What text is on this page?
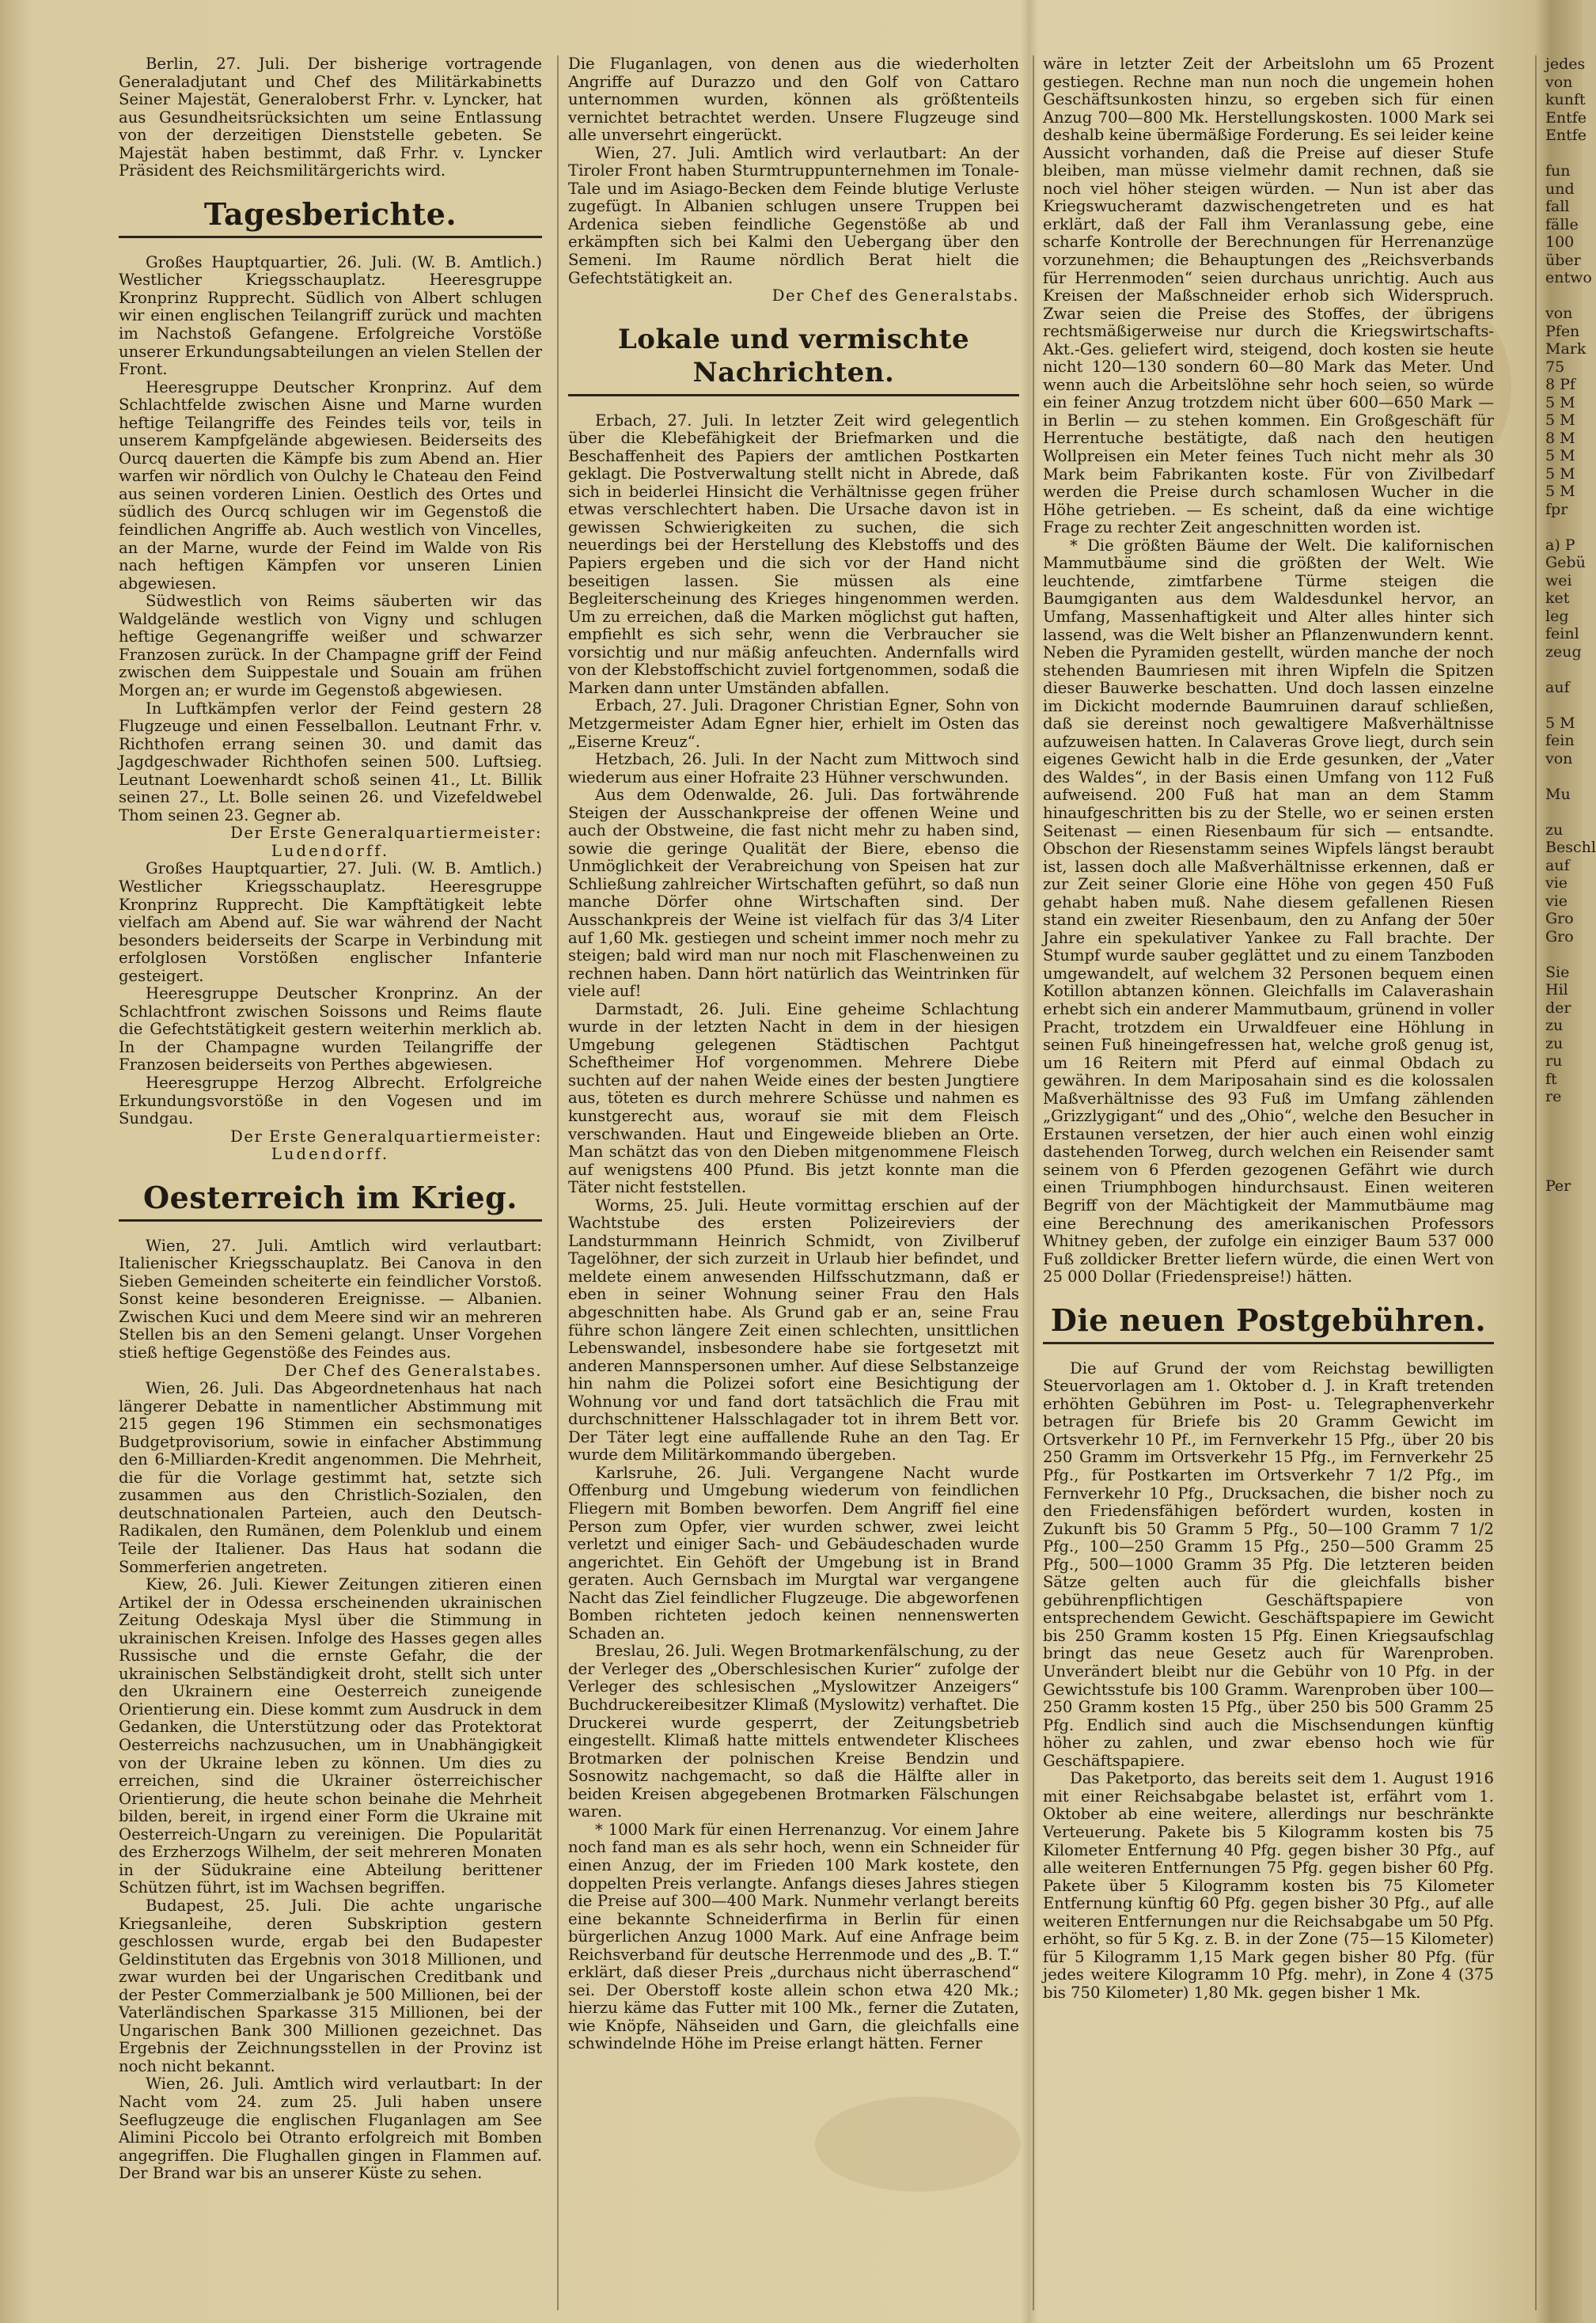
Berlin, 27. Juli. Der bisherige vortragende Generaladjutant und Chef des Militärkabinetts Seiner Majestät, Generaloberst Frhr. v. Lyncker, hat aus Gesundheitsrücksichten um seine Entlassung von der derzeitigen Dienststelle gebeten. Se Majestät haben bestimmt, daß Frhr. v. Lyncker Präsident des Reichsmilitärgerichts wird.

Tagesberichte.

Großes Hauptquartier, 26. Juli. (W. B. Amtlich.) Westlicher Kriegsschauplatz. Heeresgruppe Kronprinz Rupprecht. Südlich von Albert schlugen wir einen englischen Teilangriff zurück und machten im Nachstoß Gefangene. Erfolgreiche Vorstöße unserer Erkundungsabteilungen an vielen Stellen der Front.

Heeresgruppe Deutscher Kronprinz. Auf dem Schlachtfelde zwischen Aisne und Marne wurden heftige Teilangriffe des Feindes teils vor, teils in unserem Kampfgelände abgewiesen. Beiderseits des Ourcq dauerten die Kämpfe bis zum Abend an. Hier warfen wir nördlich von Oulchy le Chateau den Feind aus seinen vorderen Linien. Oestlich des Ortes und südlich des Ourcq schlugen wir im Gegenstoß die feindlichen Angriffe ab. Auch westlich von Vincelles, an der Marne, wurde der Feind im Walde von Ris nach heftigen Kämpfen vor unseren Linien abgewiesen.

Südwestlich von Reims säuberten wir das Waldgelände westlich von Vigny und schlugen heftige Gegenangriffe weißer und schwarzer Franzosen zurück. In der Champagne griff der Feind zwischen dem Suippestale und Souain am frühen Morgen an; er wurde im Gegenstoß abgewiesen.

In Luftkämpfen verlor der Feind gestern 28 Flugzeuge und einen Fesselballon. Leutnant Frhr. v. Richthofen errang seinen 30. und damit das Jagdgeschwader Richthofen seinen 500. Luftsieg. Leutnant Loewenhardt schoß seinen 41., Lt. Billik seinen 27., Lt. Bolle seinen 26. und Vizefeldwebel Thom seinen 23. Gegner ab.

Der Erste Generalquartiermeister:

Ludendorff.

Großes Hauptquartier, 27. Juli. (W. B. Amtlich.) Westlicher Kriegsschauplatz. Heeresgruppe Kronprinz Rupprecht. Die Kampftätigkeit lebte vielfach am Abend auf. Sie war während der Nacht besonders beiderseits der Scarpe in Verbindung mit erfolglosen Vorstößen englischer Infanterie gesteigert.

Heeresgruppe Deutscher Kronprinz. An der Schlachtfront zwischen Soissons und Reims flaute die Gefechtstätigkeit gestern weiterhin merklich ab. In der Champagne wurden Teilangriffe der Franzosen beiderseits von Perthes abgewiesen.

Heeresgruppe Herzog Albrecht. Erfolgreiche Erkundungsvorstöße in den Vogesen und im Sundgau.

Der Erste Generalquartiermeister:

Ludendorff.

Oesterreich im Krieg.

Wien, 27. Juli. Amtlich wird verlautbart: Italienischer Kriegsschauplatz. Bei Canova in den Sieben Gemeinden scheiterte ein feindlicher Vorstoß. Sonst keine besonderen Ereignisse. — Albanien. Zwischen Kuci und dem Meere sind wir an mehreren Stellen bis an den Semeni gelangt. Unser Vorgehen stieß heftige Gegenstöße des Feindes aus.

Der Chef des Generalstabes.

Wien, 26. Juli. Das Abgeordnetenhaus hat nach längerer Debatte in namentlicher Abstimmung mit 215 gegen 196 Stimmen ein sechsmonatiges Budgetprovisorium, sowie in einfacher Abstimmung den 6-Milliarden-Kredit angenommen. Die Mehrheit, die für die Vorlage gestimmt hat, setzte sich zusammen aus den Christlich-Sozialen, den deutschnationalen Parteien, auch den Deutsch-Radikalen, den Rumänen, dem Polenklub und einem Teile der Italiener. Das Haus hat sodann die Sommerferien angetreten.

Kiew, 26. Juli. Kiewer Zeitungen zitieren einen Artikel der in Odessa erscheinenden ukrainischen Zeitung Odeskaja Mysl über die Stimmung in ukrainischen Kreisen. Infolge des Hasses gegen alles Russische und die ernste Gefahr, die der ukrainischen Selbständigkeit droht, stellt sich unter den Ukrainern eine Oesterreich zuneigende Orientierung ein. Diese kommt zum Ausdruck in dem Gedanken, die Unterstützung oder das Protektorat Oesterreichs nachzusuchen, um in Unabhängigkeit von der Ukraine leben zu können. Um dies zu erreichen, sind die Ukrainer österreichischer Orientierung, die heute schon beinahe die Mehrheit bilden, bereit, in irgend einer Form die Ukraine mit Oesterreich-Ungarn zu vereinigen. Die Popularität des Erzherzogs Wilhelm, der seit mehreren Monaten in der Südukraine eine Abteilung berittener Schützen führt, ist im Wachsen begriffen.

Budapest, 25. Juli. Die achte ungarische Kriegsanleihe, deren Subskription gestern geschlossen wurde, ergab bei den Budapester Geldinstituten das Ergebnis von 3018 Millionen, und zwar wurden bei der Ungarischen Creditbank und der Pester Commerzialbank je 500 Millionen, bei der Vaterländischen Sparkasse 315 Millionen, bei der Ungarischen Bank 300 Millionen gezeichnet. Das Ergebnis der Zeichnungsstellen in der Provinz ist noch nicht bekannt.

Wien, 26. Juli. Amtlich wird verlautbart: In der Nacht vom 24. zum 25. Juli haben unsere Seeflugzeuge die englischen Fluganlagen am See Alimini Piccolo bei Otranto erfolgreich mit Bomben angegriffen. Die Flughallen gingen in Flammen auf. Der Brand war bis an unserer Küste zu sehen.

Die Fluganlagen, von denen aus die wiederholten Angriffe auf Durazzo und den Golf von Cattaro unternommen wurden, können als größtenteils vernichtet betrachtet werden. Unsere Flugzeuge sind alle unversehrt eingerückt.

Wien, 27. Juli. Amtlich wird verlautbart: An der Tiroler Front haben Sturmtruppunternehmen im Tonale-Tale und im Asiago-Becken dem Feinde blutige Verluste zugefügt. In Albanien schlugen unsere Truppen bei Ardenica sieben feindliche Gegenstöße ab und erkämpften sich bei Kalmi den Uebergang über den Semeni. Im Raume nördlich Berat hielt die Gefechtstätigkeit an.

Der Chef des Generalstabs.

Lokale und vermischte Nachrichten.

Erbach, 27. Juli. In letzter Zeit wird gelegentlich über die Klebefähigkeit der Briefmarken und die Beschaffenheit des Papiers der amtlichen Postkarten geklagt. Die Postverwaltung stellt nicht in Abrede, daß sich in beiderlei Hinsicht die Verhältnisse gegen früher etwas verschlechtert haben. Die Ursache davon ist in gewissen Schwierigkeiten zu suchen, die sich neuerdings bei der Herstellung des Klebstoffs und des Papiers ergeben und die sich vor der Hand nicht beseitigen lassen. Sie müssen als eine Begleiterscheinung des Krieges hingenommen werden. Um zu erreichen, daß die Marken möglichst gut haften, empfiehlt es sich sehr, wenn die Verbraucher sie vorsichtig und nur mäßig anfeuchten. Andernfalls wird von der Klebstoffschicht zuviel fortgenommen, sodaß die Marken dann unter Umständen abfallen.

Erbach, 27. Juli. Dragoner Christian Egner, Sohn von Metzgermeister Adam Egner hier, erhielt im Osten das „Eiserne Kreuz“.

Hetzbach, 26. Juli. In der Nacht zum Mittwoch sind wiederum aus einer Hofraite 23 Hühner verschwunden.

Aus dem Odenwalde, 26. Juli. Das fortwährende Steigen der Ausschankpreise der offenen Weine und auch der Obstweine, die fast nicht mehr zu haben sind, sowie die geringe Qualität der Biere, ebenso die Unmöglichkeit der Verabreichung von Speisen hat zur Schließung zahlreicher Wirtschaften geführt, so daß nun manche Dörfer ohne Wirtschaften sind. Der Ausschankpreis der Weine ist vielfach für das 3/4 Liter auf 1,60 Mk. gestiegen und scheint immer noch mehr zu steigen; bald wird man nur noch mit Flaschenweinen zu rechnen haben. Dann hört natürlich das Weintrinken für viele auf!

Darmstadt, 26. Juli. Eine geheime Schlachtung wurde in der letzten Nacht in dem in der hiesigen Umgebung gelegenen Städtischen Pachtgut Scheftheimer Hof vorgenommen. Mehrere Diebe suchten auf der nahen Weide eines der besten Jungtiere aus, töteten es durch mehrere Schüsse und nahmen es kunstgerecht aus, worauf sie mit dem Fleisch verschwanden. Haut und Eingeweide blieben an Orte. Man schätzt das von den Dieben mitgenommene Fleisch auf wenigstens 400 Pfund. Bis jetzt konnte man die Täter nicht feststellen.

Worms, 25. Juli. Heute vormittag erschien auf der Wachtstube des ersten Polizeireviers der Landsturmmann Heinrich Schmidt, von Zivilberuf Tagelöhner, der sich zurzeit in Urlaub hier befindet, und meldete einem anwesenden Hilfsschutzmann, daß er eben in seiner Wohnung seiner Frau den Hals abgeschnitten habe. Als Grund gab er an, seine Frau führe schon längere Zeit einen schlechten, unsittlichen Lebenswandel, insbesondere habe sie fortgesetzt mit anderen Mannspersonen umher. Auf diese Selbstanzeige hin nahm die Polizei sofort eine Besichtigung der Wohnung vor und fand dort tatsächlich die Frau mit durchschnittener Halsschlagader tot in ihrem Bett vor. Der Täter legt eine auffallende Ruhe an den Tag. Er wurde dem Militärkommando übergeben.

Karlsruhe, 26. Juli. Vergangene Nacht wurde Offenburg und Umgebung wiederum von feindlichen Fliegern mit Bomben beworfen. Dem Angriff fiel eine Person zum Opfer, vier wurden schwer, zwei leicht verletzt und einiger Sach- und Gebäudeschaden wurde angerichtet. Ein Gehöft der Umgebung ist in Brand geraten. Auch Gernsbach im Murgtal war vergangene Nacht das Ziel feindlicher Flugzeuge. Die abgeworfenen Bomben richteten jedoch keinen nennenswerten Schaden an.

Breslau, 26. Juli. Wegen Brotmarkenfälschung, zu der der Verleger des „Oberschlesischen Kurier“ zufolge der Verleger des schlesischen „Myslowitzer Anzeigers“ Buchdruckereibesitzer Klimaß (Myslowitz) verhaftet. Die Druckerei wurde gesperrt, der Zeitungsbetrieb eingestellt. Klimaß hatte mittels entwendeter Klischees Brotmarken der polnischen Kreise Bendzin und Sosnowitz nachgemacht, so daß die Hälfte aller in beiden Kreisen abgegebenen Brotmarken Fälschungen waren.

* 1000 Mark für einen Herrenanzug. Vor einem Jahre noch fand man es als sehr hoch, wenn ein Schneider für einen Anzug, der im Frieden 100 Mark kostete, den doppelten Preis verlangte. Anfangs dieses Jahres stiegen die Preise auf 300—400 Mark. Nunmehr verlangt bereits eine bekannte Schneiderfirma in Berlin für einen bürgerlichen Anzug 1000 Mark. Auf eine Anfrage beim Reichsverband für deutsche Herrenmode und des „B. T.“ erklärt, daß dieser Preis „durchaus nicht überraschend“ sei. Der Oberstoff koste allein schon etwa 420 Mk.; hierzu käme das Futter mit 100 Mk., ferner die Zutaten, wie Knöpfe, Nähseiden und Garn, die gleichfalls eine schwindelnde Höhe im Preise erlangt hätten. Ferner

wäre in letzter Zeit der Arbeitslohn um 65 Prozent gestiegen. Rechne man nun noch die ungemein hohen Geschäftsunkosten hinzu, so ergeben sich für einen Anzug 700—800 Mk. Herstellungskosten. 1000 Mark sei deshalb keine übermäßige Forderung. Es sei leider keine Aussicht vorhanden, daß die Preise auf dieser Stufe bleiben, man müsse vielmehr damit rechnen, daß sie noch viel höher steigen würden. — Nun ist aber das Kriegswucheramt dazwischengetreten und es hat erklärt, daß der Fall ihm Veranlassung gebe, eine scharfe Kontrolle der Berechnungen für Herrenanzüge vorzunehmen; die Behauptungen des „Reichsverbands für Herrenmoden“ seien durchaus unrichtig. Auch aus Kreisen der Maßschneider erhob sich Widerspruch. Zwar seien die Preise des Stoffes, der übrigens rechtsmäßigerweise nur durch die Kriegswirtschafts-Akt.-Ges. geliefert wird, steigend, doch kosten sie heute nicht 120—130 sondern 60—80 Mark das Meter. Und wenn auch die Arbeitslöhne sehr hoch seien, so würde ein feiner Anzug trotzdem nicht über 600—650 Mark — in Berlin — zu stehen kommen. Ein Großgeschäft für Herrentuche bestätigte, daß nach den heutigen Wollpreisen ein Meter feines Tuch nicht mehr als 30 Mark beim Fabrikanten koste. Für von Zivilbedarf werden die Preise durch schamlosen Wucher in die Höhe getrieben. — Es scheint, daß da eine wichtige Frage zu rechter Zeit angeschnitten worden ist.

* Die größten Bäume der Welt. Die kalifornischen Mammutbäume sind die größten der Welt. Wie leuchtende, zimtfarbene Türme steigen die Baumgiganten aus dem Waldesdunkel hervor, an Umfang, Massenhaftigkeit und Alter alles hinter sich lassend, was die Welt bisher an Pflanzenwundern kennt. Neben die Pyramiden gestellt, würden manche der noch stehenden Baumriesen mit ihren Wipfeln die Spitzen dieser Bauwerke beschatten. Und doch lassen einzelne im Dickicht modernde Baumruinen darauf schließen, daß sie dereinst noch gewaltigere Maßverhältnisse aufzuweisen hatten. In Calaveras Grove liegt, durch sein eigenes Gewicht halb in die Erde gesunken, der „Vater des Waldes“, in der Basis einen Umfang von 112 Fuß aufweisend. 200 Fuß hat man an dem Stamm hinaufgeschritten bis zu der Stelle, wo er seinen ersten Seitenast — einen Riesenbaum für sich — entsandte. Obschon der Riesenstamm seines Wipfels längst beraubt ist, lassen doch alle Maßverhältnisse erkennen, daß er zur Zeit seiner Glorie eine Höhe von gegen 450 Fuß gehabt haben muß. Nahe diesem gefallenen Riesen stand ein zweiter Riesenbaum, den zu Anfang der 50er Jahre ein spekulativer Yankee zu Fall brachte. Der Stumpf wurde sauber geglättet und zu einem Tanzboden umgewandelt, auf welchem 32 Personen bequem einen Kotillon abtanzen können. Gleichfalls im Calaverashain erhebt sich ein anderer Mammutbaum, grünend in voller Pracht, trotzdem ein Urwaldfeuer eine Höhlung in seinen Fuß hineingefressen hat, welche groß genug ist, um 16 Reitern mit Pferd auf einmal Obdach zu gewähren. In dem Mariposahain sind es die kolossalen Maßverhältnisse des 93 Fuß im Umfang zählenden „Grizzlygigant“ und des „Ohio“, welche den Besucher in Erstaunen versetzen, der hier auch einen wohl einzig dastehenden Torweg, durch welchen ein Reisender samt seinem von 6 Pferden gezogenen Gefährt wie durch einen Triumphbogen hindurchsaust. Einen weiteren Begriff von der Mächtigkeit der Mammutbäume mag eine Berechnung des amerikanischen Professors Whitney geben, der zufolge ein einziger Baum 537 000 Fuß zolldicker Bretter liefern würde, die einen Wert von 25 000 Dollar (Friedenspreise!) hätten.

Die neuen Postgebühren.

Die auf Grund der vom Reichstag bewilligten Steuervorlagen am 1. Oktober d. J. in Kraft tretenden erhöhten Gebühren im Post- u. Telegraphenverkehr betragen für Briefe bis 20 Gramm Gewicht im Ortsverkehr 10 Pf., im Fernverkehr 15 Pfg., über 20 bis 250 Gramm im Ortsverkehr 15 Pfg., im Fernverkehr 25 Pfg., für Postkarten im Ortsverkehr 7 1/2 Pfg., im Fernverkehr 10 Pfg., Drucksachen, die bisher noch zu den Friedensfähigen befördert wurden, kosten in Zukunft bis 50 Gramm 5 Pfg., 50—100 Gramm 7 1/2 Pfg., 100—250 Gramm 15 Pfg., 250—500 Gramm 25 Pfg., 500—1000 Gramm 35 Pfg. Die letzteren beiden Sätze gelten auch für die gleichfalls bisher gebührenpflichtigen Geschäftspapiere von entsprechendem Gewicht. Geschäftspapiere im Gewicht bis 250 Gramm kosten 15 Pfg. Einen Kriegsaufschlag bringt das neue Gesetz auch für Warenproben. Unverändert bleibt nur die Gebühr von 10 Pfg. in der Gewichtsstufe bis 100 Gramm. Warenproben über 100—250 Gramm kosten 15 Pfg., über 250 bis 500 Gramm 25 Pfg. Endlich sind auch die Mischsendungen künftig höher zu zahlen, und zwar ebenso hoch wie für Geschäftspapiere.

Das Paketporto, das bereits seit dem 1. August 1916 mit einer Reichsabgabe belastet ist, erfährt vom 1. Oktober ab eine weitere, allerdings nur beschränkte Verteuerung. Pakete bis 5 Kilogramm kosten bis 75 Kilometer Entfernung 40 Pfg. gegen bisher 30 Pfg., auf alle weiteren Entfernungen 75 Pfg. gegen bisher 60 Pfg. Pakete über 5 Kilogramm kosten bis 75 Kilometer Entfernung künftig 60 Pfg. gegen bisher 30 Pfg., auf alle weiteren Entfernungen nur die Reichsabgabe um 50 Pfg. erhöht, so für 5 Kg. z. B. in der Zone (75—15 Kilometer) für 5 Kilogramm 1,15 Mark gegen bisher 80 Pfg. (für jedes weitere Kilogramm 10 Pfg. mehr), in Zone 4 (375 bis 750 Kilometer) 1,80 Mk. gegen bisher 1 Mk.

jedes
von
kunft
Entfe
Entfe

fun
und
fall
fälle
100
über
entwo

von
Pfen
Mark
75
8 Pf
5 M
5 M
8 M
5 M
5 M
5 M
fpr

a) P
Gebü
wei
ket
leg
feinl
zeug

auf

5 M
fein
von

Mu

zu
Beschl
auf
vie
vie
Gro
Gro

Sie
Hil
der
zu
zu
ru
ft
re

Per
